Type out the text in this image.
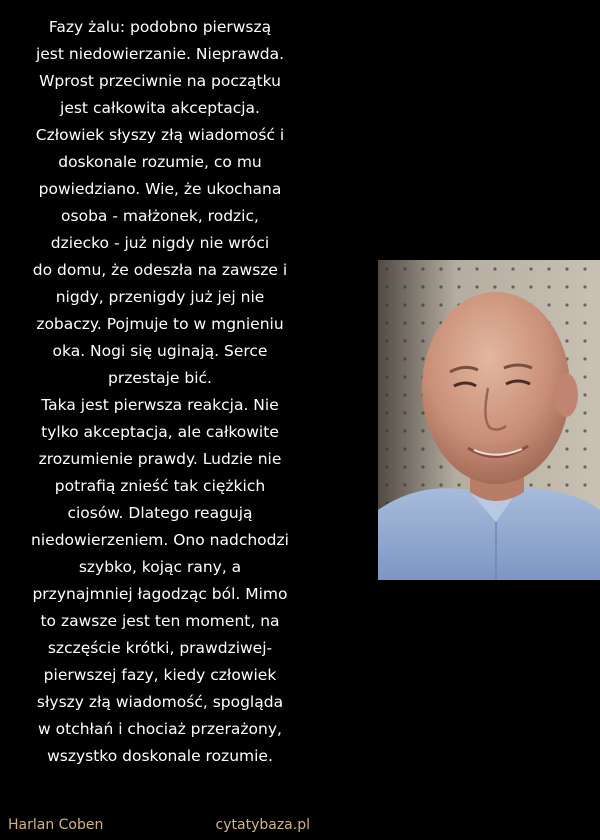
Fazy żalu: podobno pierwszą
jest niedowierzanie. Nieprawda.
Wprost przeciwnie na początku
jest całkowita akceptacja.
Człowiek słyszy złą wiadomość i
doskonale rozumie, co mu
powiedziano. Wie, że ukochana
osoba - małżonek, rodzic,
dziecko - już nigdy nie wróci
do domu, że odeszła na zawsze i
nigdy, przenigdy już jej nie
zobaczy. Pojmuje to w mgnieniu
oka. Nogi się uginają. Serce
przestaje bić.
Taka jest pierwsza reakcja. Nie
tylko akceptacja, ale całkowite
zrozumienie prawdy. Ludzie nie
potrafią znieść tak ciężkich
ciosów. Dlatego reagują
niedowierzeniem. Ono nadchodzi
szybko, kojąc rany, a
przynajmniej łagodząc ból. Mimo
to zawsze jest ten moment, na
szczęście krótki, prawdziwej-
pierwszej fazy, kiedy człowiek
słyszy złą wiadomość, spogląda
w otchłań i chociaż przerażony,
wszystko doskonale rozumie.
Harlan Coben	cytatybaza.pl
